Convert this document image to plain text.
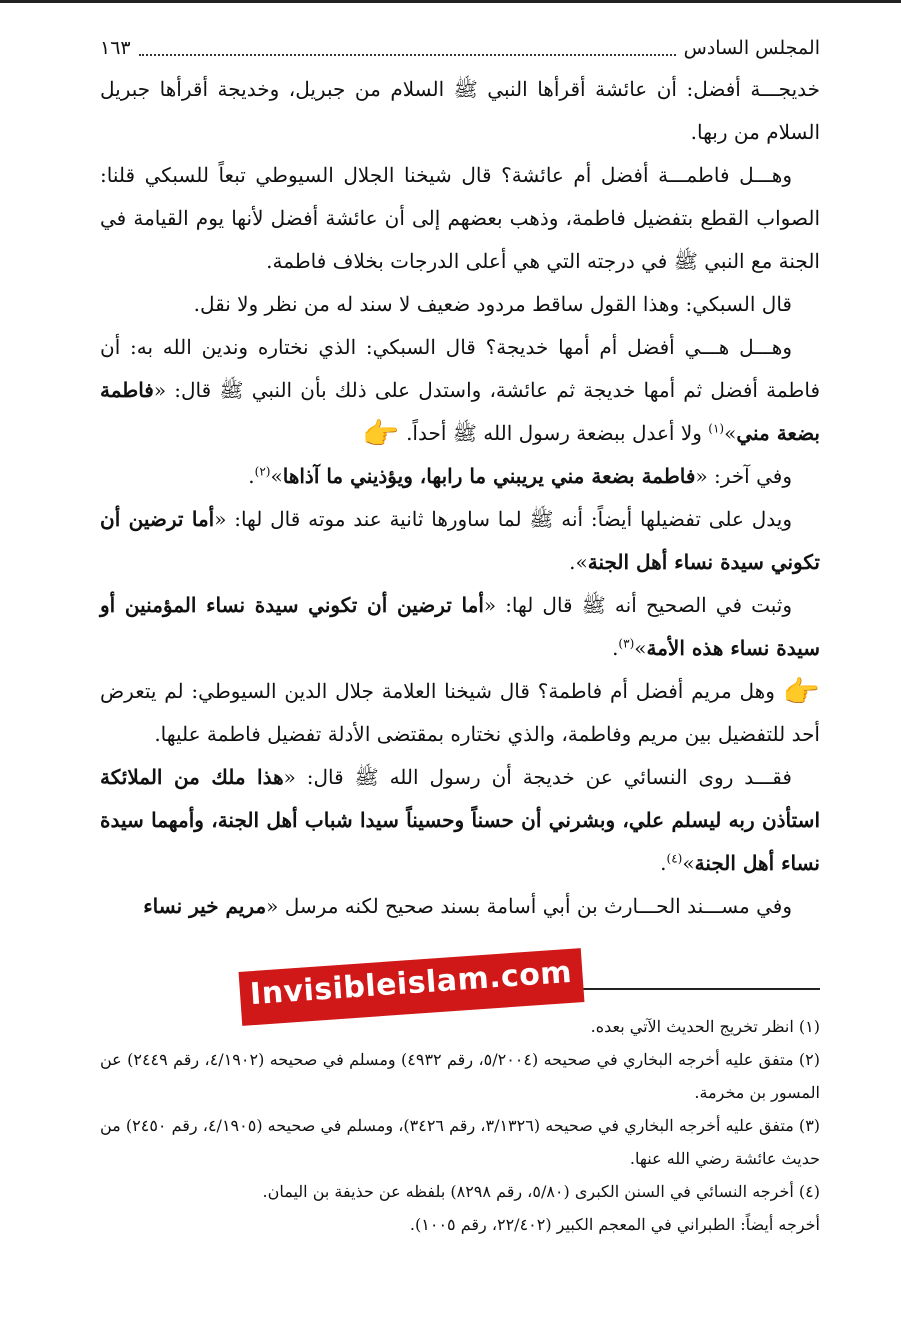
المجلس السادس
١٦٣

خديجـــة أفضل: أن عائشة أقرأها النبي ﷺ السلام من جبريل، وخديجة أقرأها جبريل السلام من ربها.

وهـــل فاطمـــة أفضل أم عائشة؟ قال شيخنا الجلال السيوطي تبعاً للسبكي قلنا: الصواب القطع بتفضيل فاطمة، وذهب بعضهم إلى أن عائشة أفضل لأنها يوم القيامة في الجنة مع النبي ﷺ في درجته التي هي أعلى الدرجات بخلاف فاطمة.

قال السبكي: وهذا القول ساقط مردود ضعيف لا سند له من نظر ولا نقل.

وهـــل هـــي أفضل أم أمها خديجة؟ قال السبكي: الذي نختاره وندين الله به: أن فاطمة أفضل ثم أمها خديجة ثم عائشة، واستدل على ذلك بأن النبي ﷺ قال: «فاطمة بضعة مني»$^{(١)}$ ولا أعدل ببضعة رسول الله ﷺ أحداً. 👉

وفي آخر: «فاطمة بضعة مني يريبني ما رابها، ويؤذيني ما آذاها»$^{(٢)}$.

ويدل على تفضيلها أيضاً: أنه ﷺ لما ساورها ثانية عند موته قال لها: «أما ترضين أن تكوني سيدة نساء أهل الجنة».

وثبت في الصحيح أنه ﷺ قال لها: «أما ترضين أن تكوني سيدة نساء المؤمنين أو سيدة نساء هذه الأمة»$^{(٣)}$.

👉 وهل مريم أفضل أم فاطمة؟ قال شيخنا العلامة جلال الدين السيوطي: لم يتعرض أحد للتفضيل بين مريم وفاطمة، والذي نختاره بمقتضى الأدلة تفضيل فاطمة عليها.

فقـــد روى النسائي عن خديجة أن رسول الله ﷺ قال: «هذا ملك من الملائكة استأذن ربه ليسلم علي، وبشرني أن حسناً وحسيناً سيدا شباب أهل الجنة، وأمهما سيدة نساء أهل الجنة»$^{(٤)}$.

وفي مســـند الحـــارث بن أبي أسامة بسند صحيح لكنه مرسل «مريم خير نساء

Invisibleislam.com

(١) انظر تخريج الحديث الآتي بعده.

(٢) متفق عليه أخرجه البخاري في صحيحه (٥/٢٠٠٤، رقم ٤٩٣٢) ومسلم في صحيحه (٤/١٩٠٢، رقم ٢٤٤٩) عن المسور بن مخرمة.

(٣) متفق عليه أخرجه البخاري في صحيحه (٣/١٣٢٦، رقم ٣٤٢٦)، ومسلم في صحيحه (٤/١٩٠٥، رقم ٢٤٥٠) من حديث عائشة رضي الله عنها.

(٤) أخرجه النسائي في السنن الكبرى (٥/٨٠، رقم ٨٢٩٨) بلفظه عن حذيفة بن اليمان.

أخرجه أيضاً: الطبراني في المعجم الكبير (٢٢/٤٠٢، رقم ١٠٠٥).
